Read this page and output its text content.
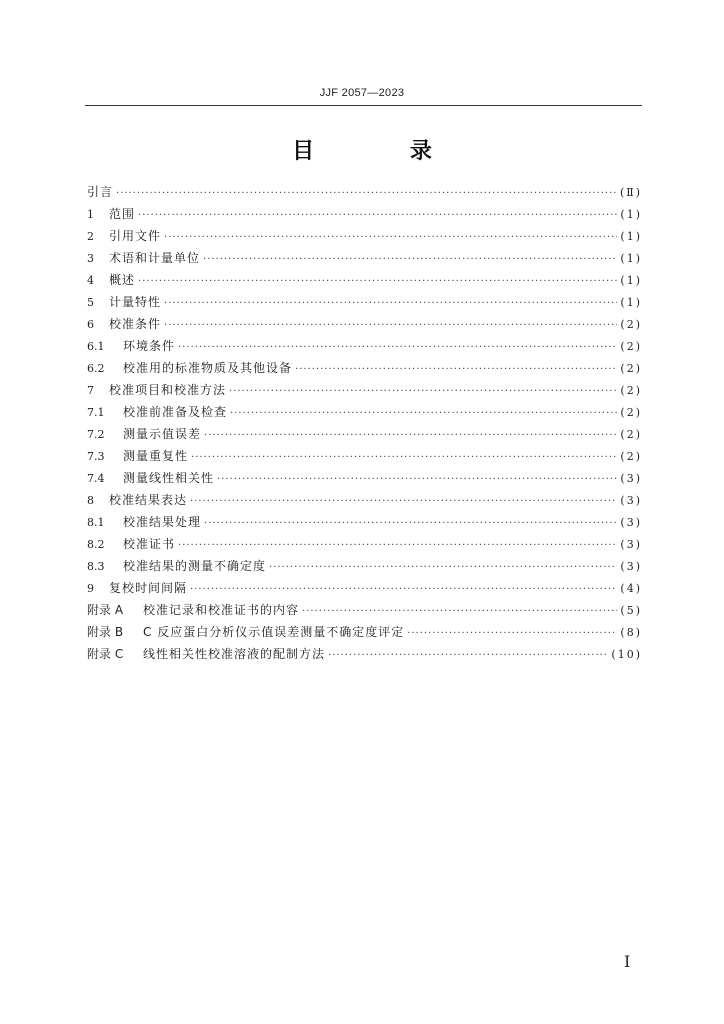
JJF 2057—2023
目 录
引言 ·····	(Ⅱ)
1	范围 ·····	(1)
2	引用文件 ·····	(1)
3	术语和计量单位 ·····	(1)
4	概述 ·····	(1)
5	计量特性 ·····	(1)
6	校准条件 ·····	(2)
6.1	环境条件 ·····	(2)
6.2	校准用的标准物质及其他设备 ·····	(2)
7	校准项目和校准方法 ·····	(2)
7.1	校准前准备及检查 ·····	(2)
7.2	测量示值误差 ·····	(2)
7.3	测量重复性 ·····	(2)
7.4	测量线性相关性 ·····	(3)
8	校准结果表达 ·····	(3)
8.1	校准结果处理 ·····	(3)
8.2	校准证书 ·····	(3)
8.3	校准结果的测量不确定度 ·····	(3)
9	复校时间间隔 ·····	(4)
附录 A	校准记录和校准证书的内容 ·····	(5)
附录 B	C 反应蛋白分析仪示值误差测量不确定度评定 ·····	(8)
附录 C	线性相关性校准溶液的配制方法 ·····	(10)
Ⅰ
